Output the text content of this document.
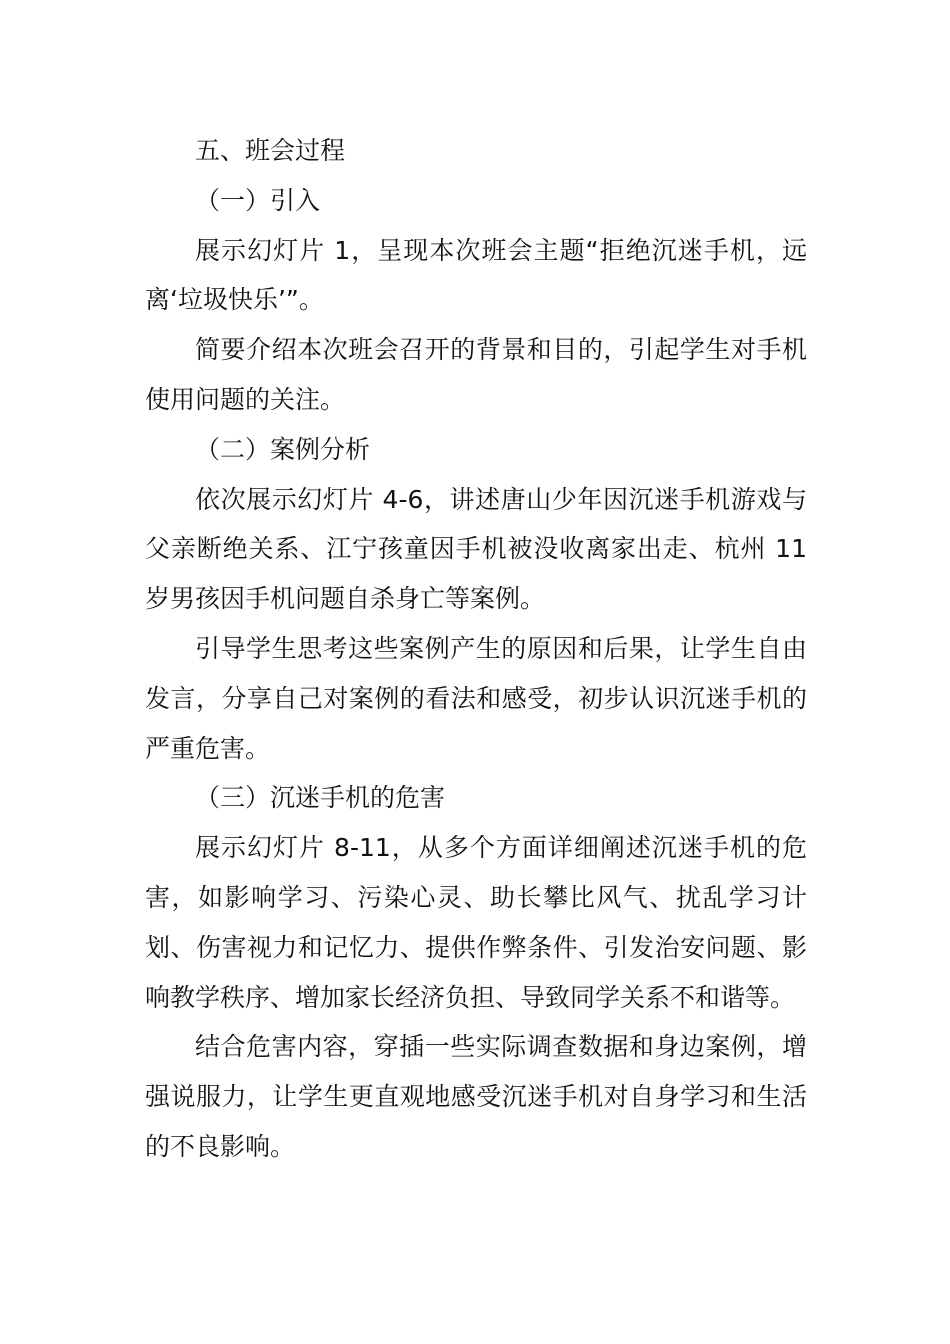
五、班会过程

（一）引入

展示幻灯片 1，呈现本次班会主题“拒绝沉迷手机，远离‘垃圾快乐’”。

简要介绍本次班会召开的背景和目的，引起学生对手机使用问题的关注。

（二）案例分析

依次展示幻灯片 4-6，讲述唐山少年因沉迷手机游戏与父亲断绝关系、江宁孩童因手机被没收离家出走、杭州 11 岁男孩因手机问题自杀身亡等案例。

引导学生思考这些案例产生的原因和后果，让学生自由发言，分享自己对案例的看法和感受，初步认识沉迷手机的严重危害。

（三）沉迷手机的危害

展示幻灯片 8-11，从多个方面详细阐述沉迷手机的危害，如影响学习、污染心灵、助长攀比风气、扰乱学习计划、伤害视力和记忆力、提供作弊条件、引发治安问题、影响教学秩序、增加家长经济负担、导致同学关系不和谐等。

结合危害内容，穿插一些实际调查数据和身边案例，增强说服力，让学生更直观地感受沉迷手机对自身学习和生活的不良影响。
